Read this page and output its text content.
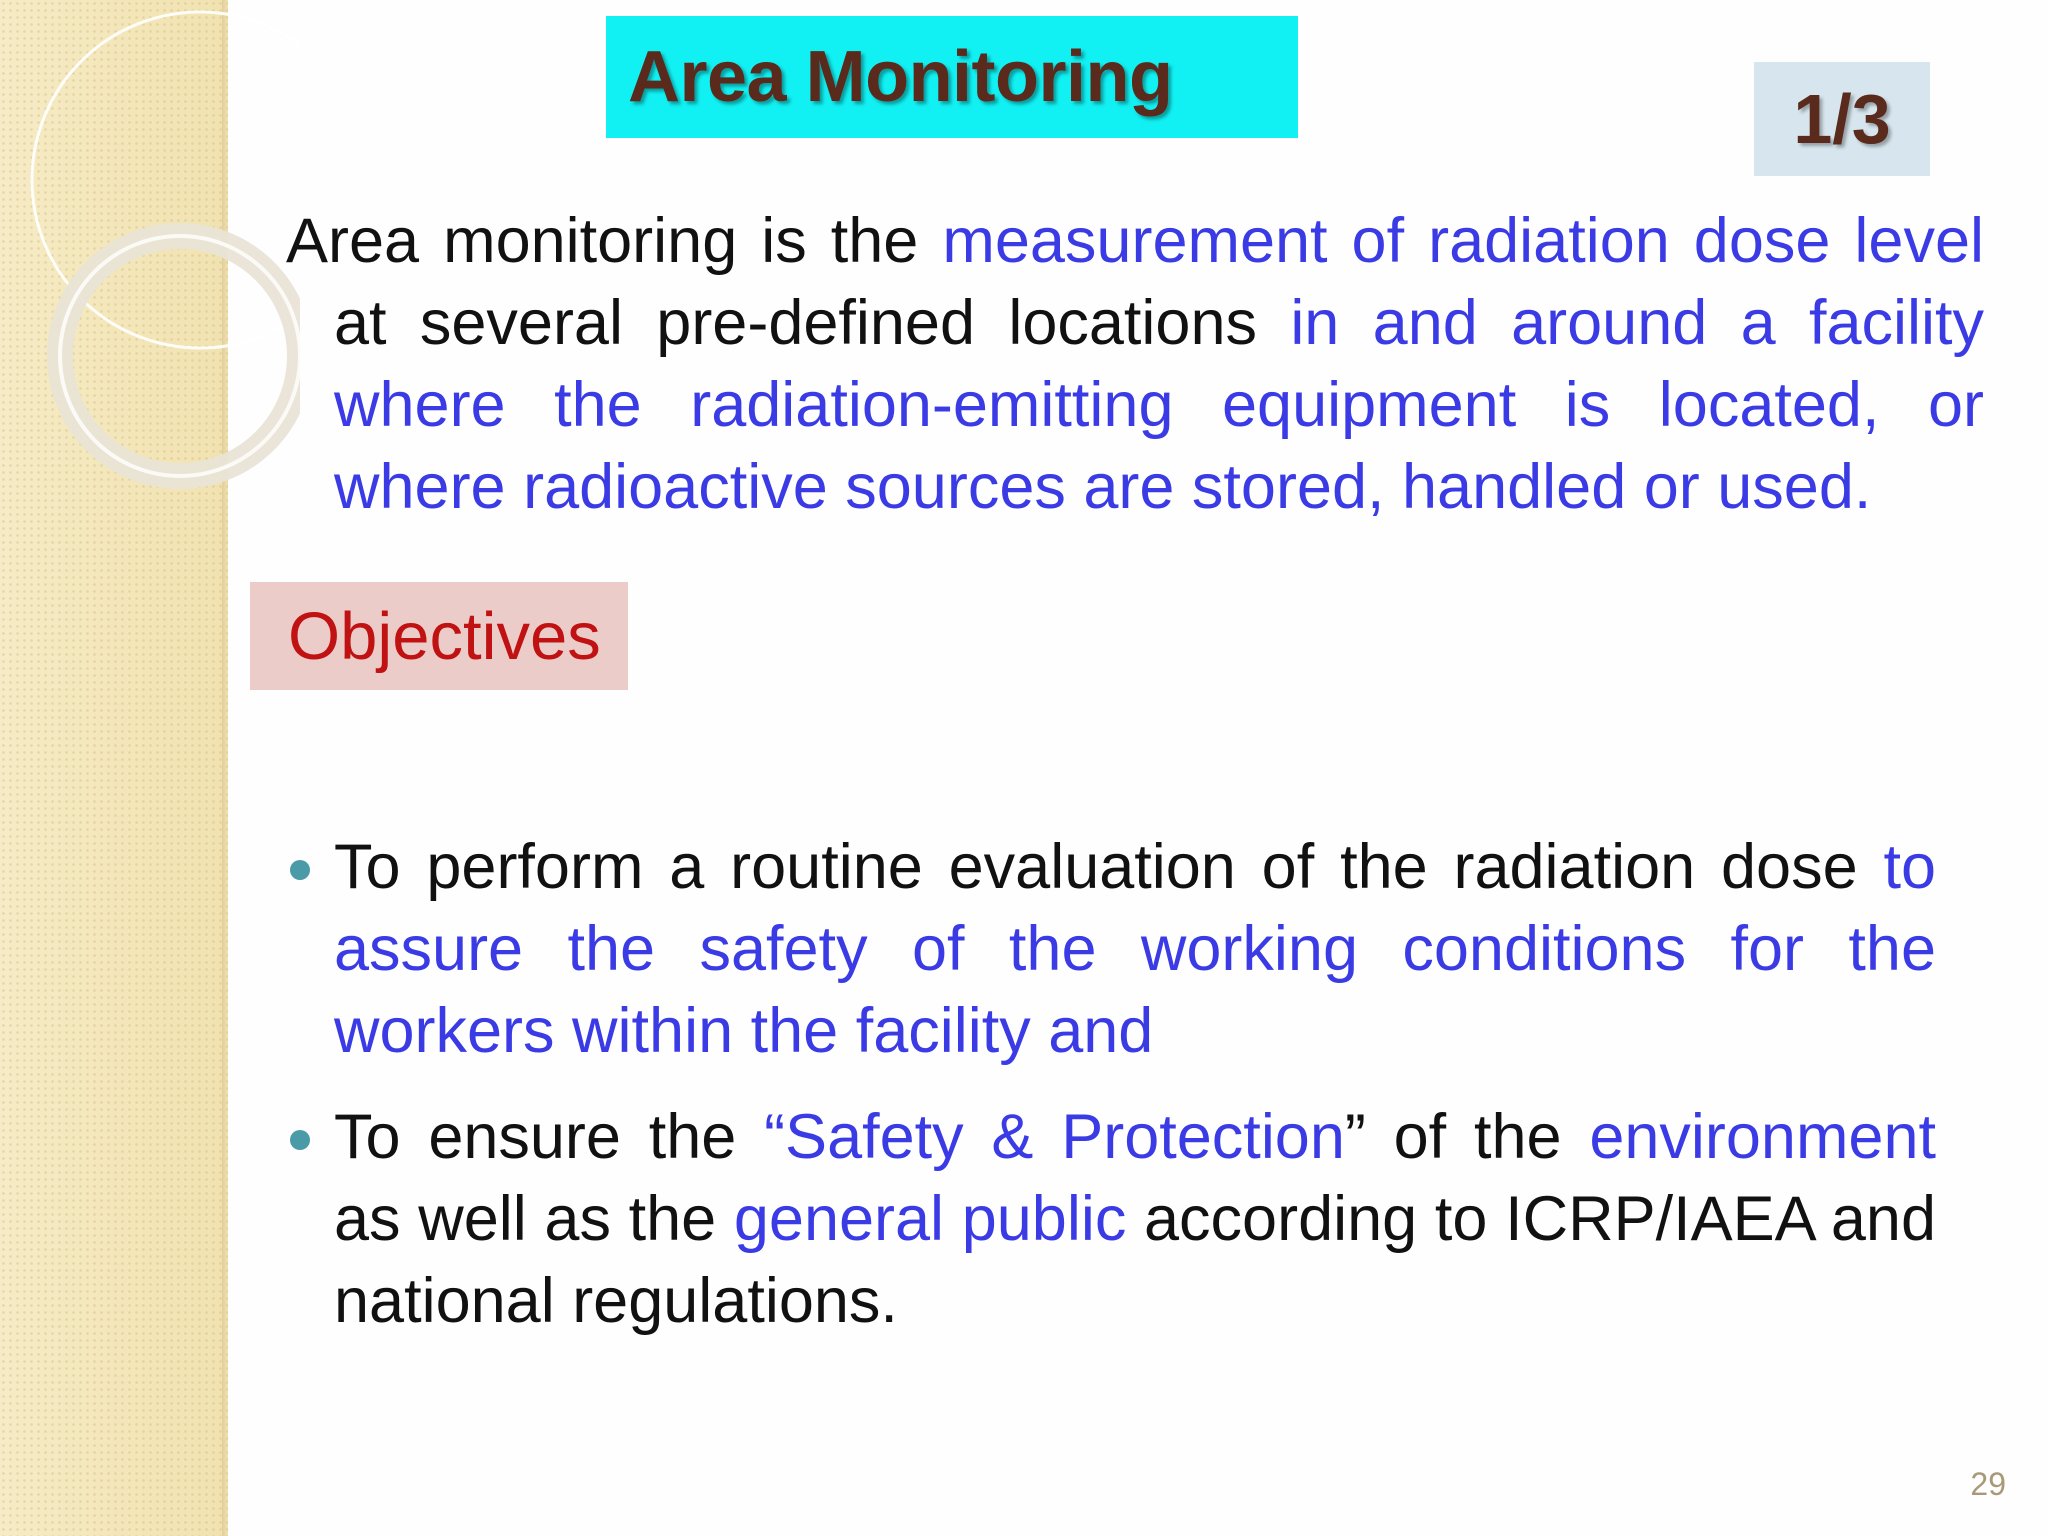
Area Monitoring
1/3

Area monitoring is the measurement of radiation dose level at several pre-defined locations in and around a facility where the radiation-emitting equipment is located, or where radioactive sources are stored, handled or used.

Objectives
To perform a routine evaluation of the radiation dose to assure the safety of the working conditions for the workers within the facility and
To ensure the “Safety & Protection” of the environment as well as the general public according to ICRP/IAEA and national regulations.
29
